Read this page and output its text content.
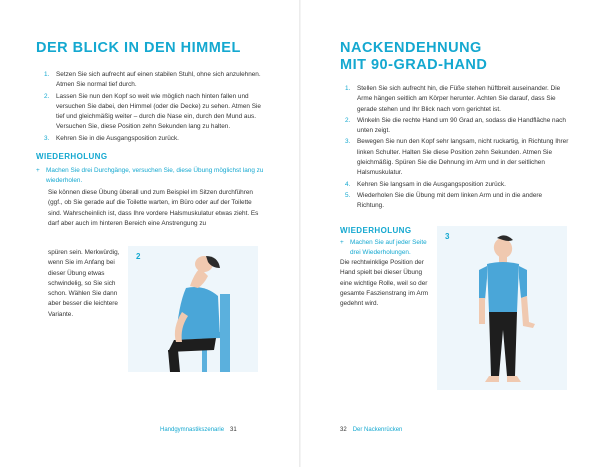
DER BLICK IN DEN HIMMEL
1. Setzen Sie sich aufrecht auf einen stabilen Stuhl, ohne sich anzulehnen. Atmen Sie normal tief durch.
2. Lassen Sie nun den Kopf so weit wie möglich nach hinten fallen und versuchen Sie dabei, den Himmel (oder die Decke) zu sehen. Atmen Sie tief und gleichmäßig weiter – durch die Nase ein, durch den Mund aus. Versuchen Sie, diese Position zehn Sekunden lang zu halten.
3. Kehren Sie in die Ausgangsposition zurück.
WIEDERHOLUNG
+ Machen Sie drei Durchgänge, versuchen Sie, diese Übung möglichst lang zu wiederholen.

Sie können diese Übung überall und zum Beispiel im Sitzen durchführen (ggf., ob Sie gerade auf die Toilette warten, im Büro oder auf der Toilette sind. Wahrscheinlich ist, dass Ihre vordere Halsmuskulatur etwas zieht. Es darf aber auch im hinteren Bereich eine Anstrengung zu

spüren sein. Merkwürdig, wenn Sie im Anfang bei dieser Übung etwas schwindelig, so Sie sich schon. Wählen Sie dann aber besser die leichtere Variante.

2
Handgymnastikszenarie 31
NACKENDEHNUNG
MIT 90-GRAD-HAND
1. Stellen Sie sich aufrecht hin, die Füße stehen hüftbreit auseinander. Die Arme hängen seitlich am Körper herunter. Achten Sie darauf, dass Sie gerade stehen und Ihr Blick nach vorn gerichtet ist.
2. Winkeln Sie die rechte Hand um 90 Grad an, sodass die Handfläche nach unten zeigt.
3. Bewegen Sie nun den Kopf sehr langsam, nicht ruckartig, in Richtung Ihrer linken Schulter. Halten Sie diese Position zehn Sekunden. Atmen Sie gleichmäßig. Spüren Sie die Dehnung im Arm und in der seitlichen Halsmuskulatur.
4. Kehren Sie langsam in die Ausgangsposition zurück.
5. Wiederholen Sie die Übung mit dem linken Arm und in die andere Richtung.
WIEDERHOLUNG
+ Machen Sie auf jeder Seite drei Wiederholungen.

Die rechtwinklige Position der Hand spielt bei dieser Übung eine wichtige Rolle, weil so der gesamte Faszienstrang im Arm gedehnt wird.

3
32 Der Nackenrücken
